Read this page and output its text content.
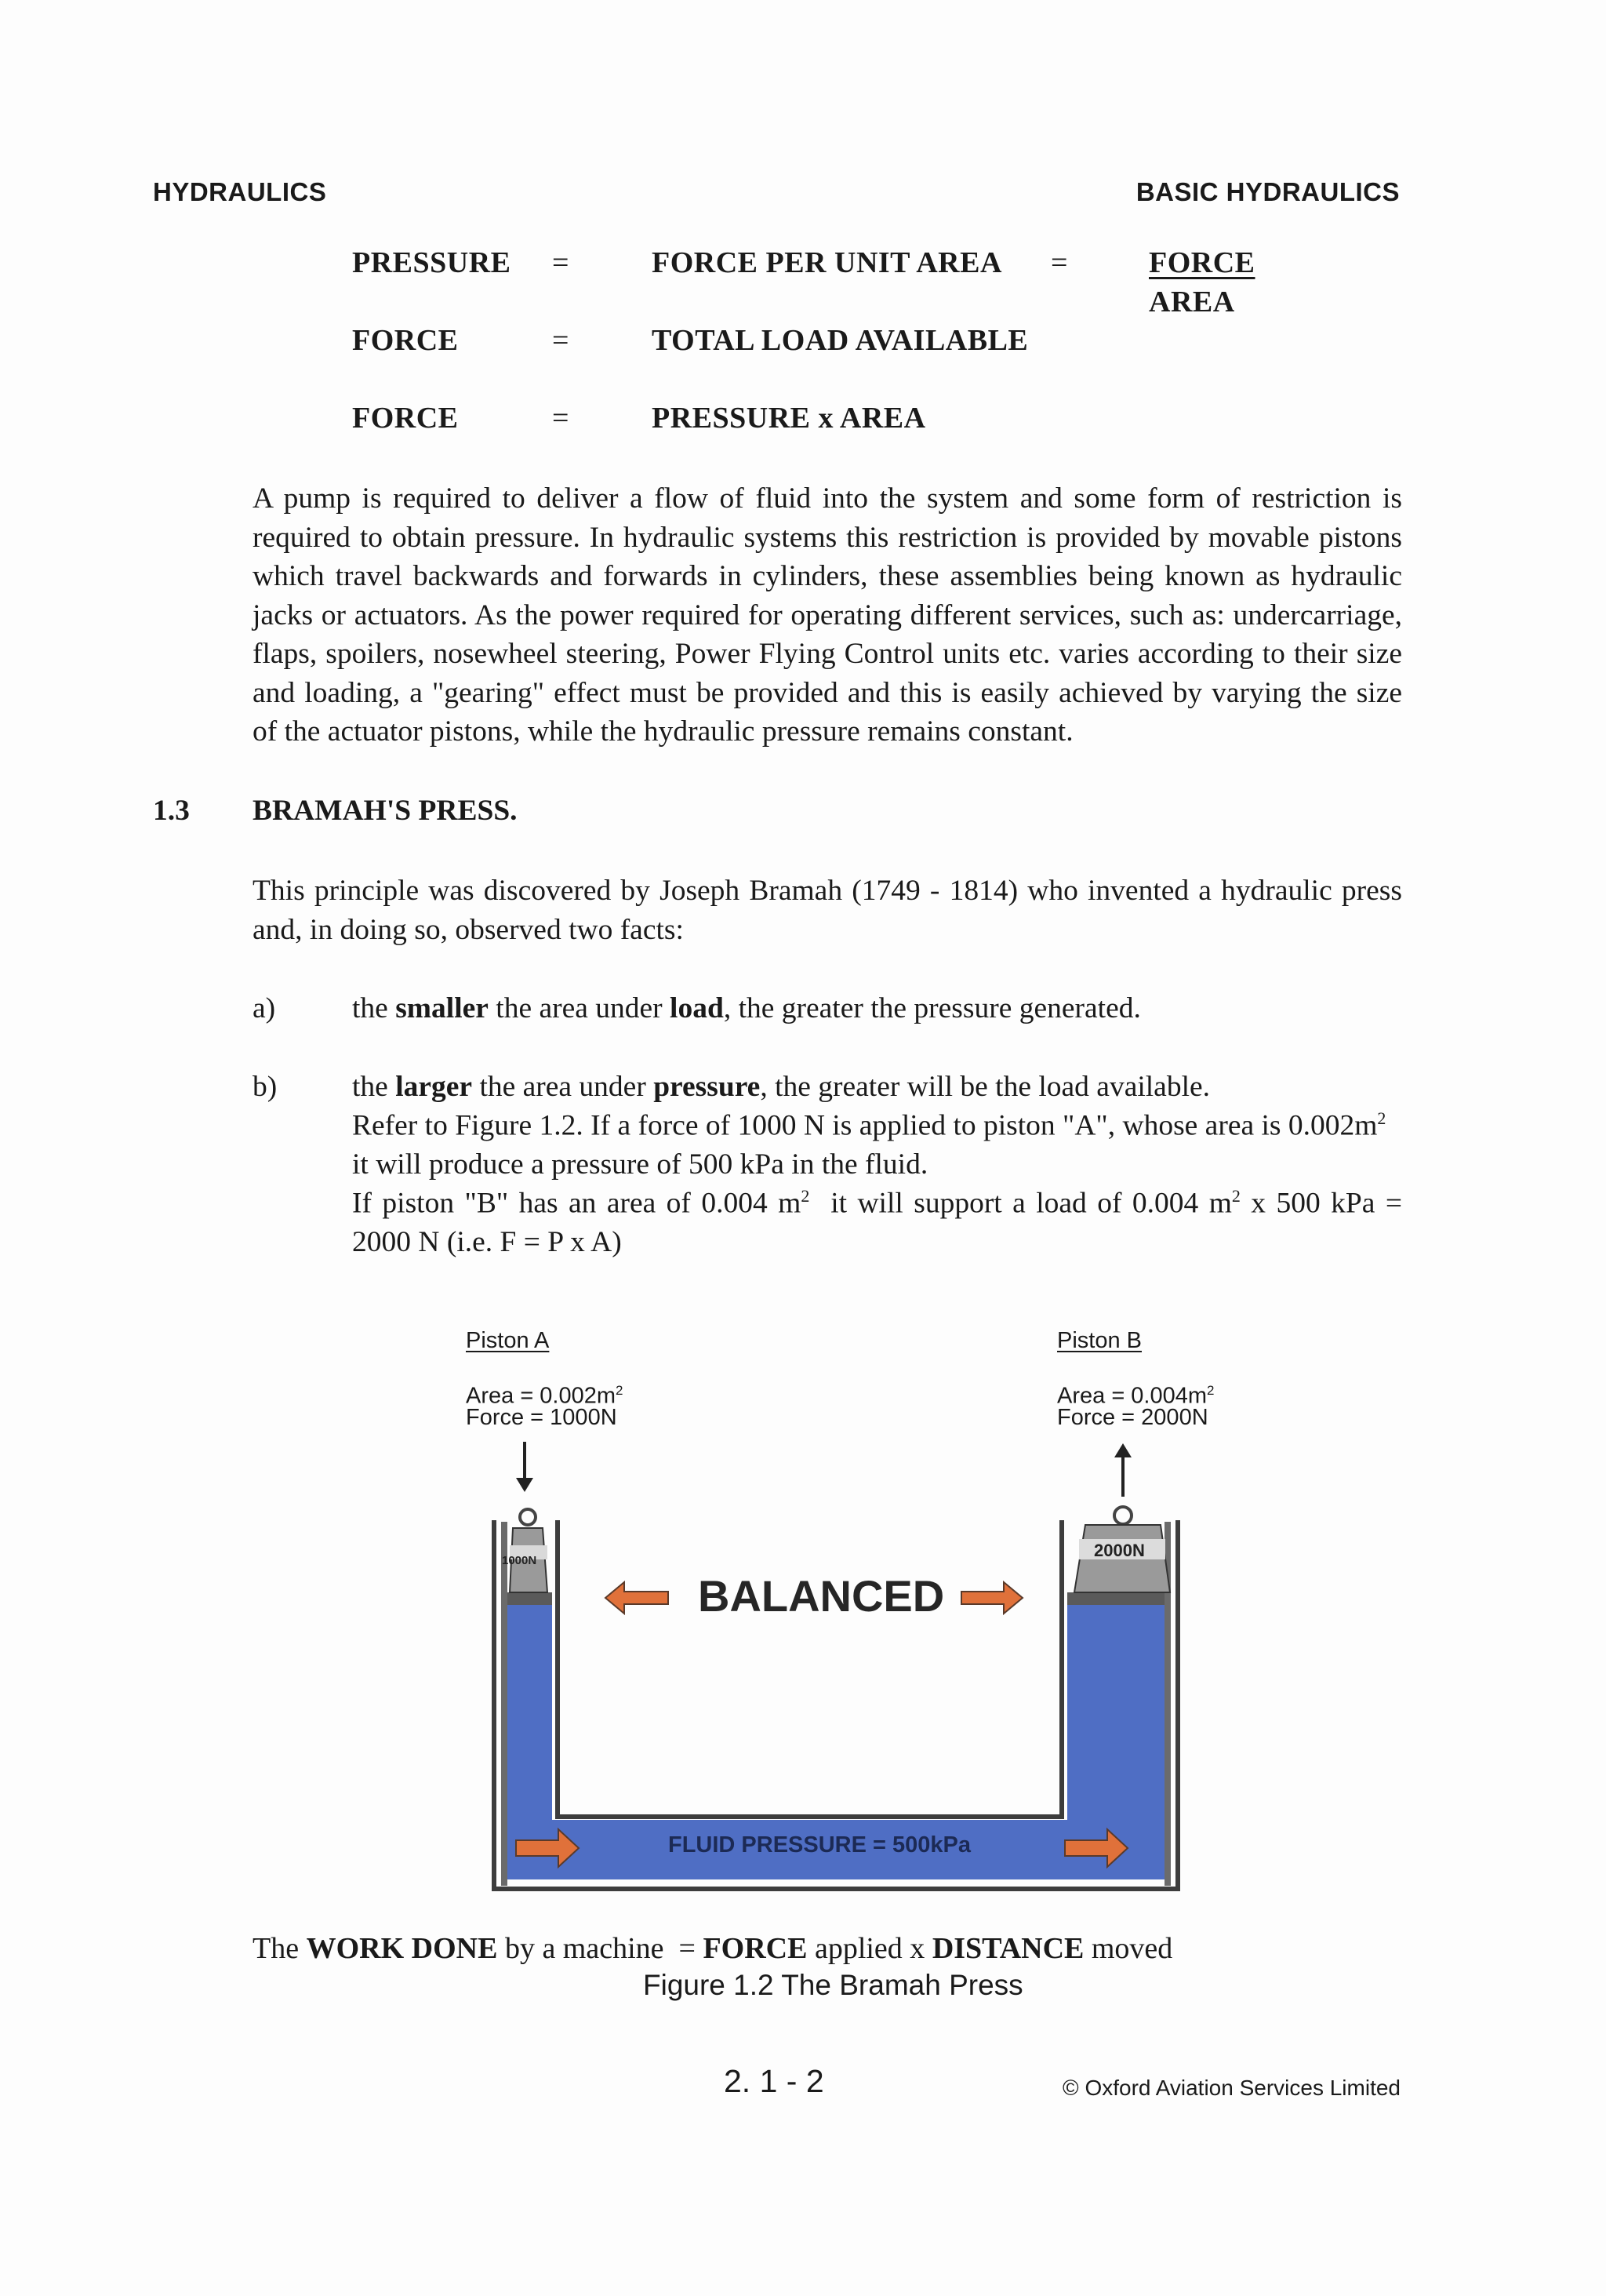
HYDRAULICS	BASIC HYDRAULICS
PRESSURE =	FORCE PER UNIT AREA =	FORCE
AREA
FORCE	=	TOTAL LOAD AVAILABLE
FORCE	=	PRESSURE x AREA
A pump is required to deliver a flow of fluid into the system and some form of restriction is
required to obtain pressure. In hydraulic systems this restriction is provided by movable pistons
which travel backwards and forwards in cylinders, these assemblies being known as hydraulic
jacks or actuators. As the power required for operating different services, such as: undercarriage,
flaps, spoilers, nosewheel steering, Power Flying Control units etc. varies according to their size
and loading, a "gearing" effect must be provided and this is easily achieved by varying the size
of the actuator pistons, while the hydraulic pressure remains constant.
1.3 BRAMAH'S PRESS.
This principle was discovered by Joseph Bramah (1749 - 1814) who invented a hydraulic press
and, in doing so, observed two facts:
a)	the smaller the area under load, the greater the pressure generated.
b)	the larger the area under pressure, the greater will be the load available.
Refer to Figure 1.2. If a force of 1000 N is applied to piston "A", whose area is $0.002m^2$
it will produce a pressure of 500 kPa in the fluid.
If piston "B" has an area of 0.004 $m^2$  it will support a load of 0.004 $m^2$ x 500 kPa =
2000 N (i.e. F = P x A)
Piston A
Area = $0.002m^2$
Force = 1000N
Piston B
Area = $0.004m^2$
Force = 2000N
1000N
2000N
BALANCED
FLUID PRESSURE = 500kPa
The WORK DONE by a machine  = FORCE applied x DISTANCE moved
Figure 1.2 The Bramah Press
2. 1 - 2	© Oxford Aviation Services Limited
